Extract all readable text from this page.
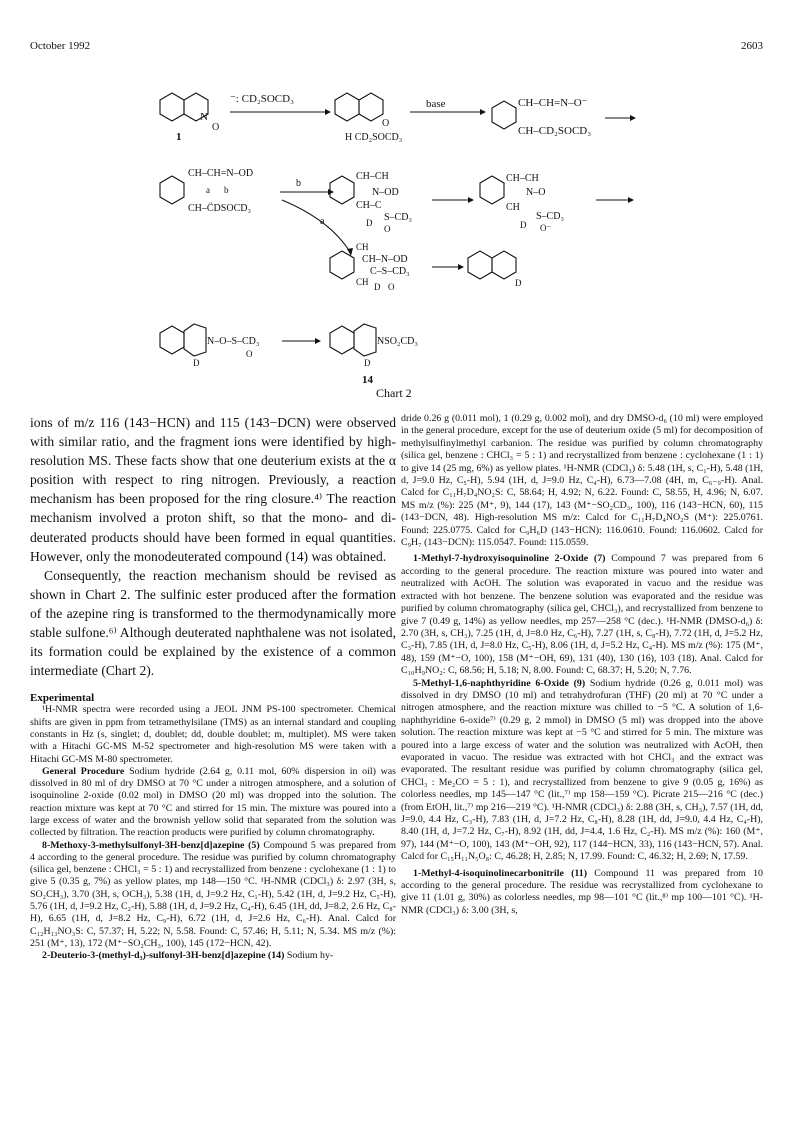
October 1992	2603
N
O
1
⁻: CD₂SOCD₃
O
H CD₂SOCD₃
base	CH–CH=N–O⁻
CH–CD₂SOCD₃
CH–CH=N–OD
CH–C̈DSOCD₃
a b
b
a
CH–CH
N–OD
CH–C
S–CD₃
D
O
CH–CH
N–O
CH
S–CD₃
D O⁻
CH
CH–N–OD
C–S–CD₃
CH D O	D
N–O–S–CD₃
D
O
NSO₂CD₃
D
14
Chart 2

ions of m/z 116 (143−HCN) and 115 (143−DCN) were observed with similar ratio, and the fragment ions were identified by high-resolution MS. These facts show that one deuterium exists at the α position with respect to ring nitrogen. Previously, a reaction mechanism has been proposed for the ring closure.⁴⁾ The reaction mechanism involved a proton shift, so that the mono- and di-deuterated products should have been formed in equal quantities. However, only the monodeuterated compound (14) was obtained.

Consequently, the reaction mechanism should be revised as shown in Chart 2. The sulfinic ester produced after the formation of the azepine ring is transformed to the thermodynamically more stable sulfone.⁶⁾ Although deuterated naphthalene was not isolated, its formation could be explained by the existence of a common intermediate (Chart 2).

Experimental

¹H-NMR spectra were recorded using a JEOL JNM PS-100 spectrometer. Chemical shifts are given in ppm from tetramethylsilane (TMS) as an internal standard and coupling constants in Hz (s, singlet; d, doublet; dd, double doublet; m, multiplet). MS were taken with a Hitachi GC-MS M-52 spectrometer and high-resolution MS were taken with a Hitachi GC-MS M-80 spectrometer.

General Procedure Sodium hydride (2.64 g, 0.11 mol, 60% dispersion in oil) was dissolved in 80 ml of dry DMSO at 70 °C under a nitrogen atmosphere, and a solution of isoquinoline 2-oxide (0.02 mol) in DMSO (20 ml) was dropped into the solution. The reaction mixture was kept at 70 °C and stirred for 15 min. The mixture was poured into a large excess of water and the brownish yellow solid that separated from the solution was collected by filtration. The reaction products were purified by column chromatography.

8-Methoxy-3-methylsulfonyl-3H-benz[d]azepine (5) Compound 5 was prepared from 4 according to the general procedure. The residue was purified by column chromatography (silica gel, benzene : CHCl₃ = 5 : 1) and recrystallized from benzene : cyclohexane (1 : 1) to give 5 (0.35 g, 7%) as yellow plates, mp 148—150 °C. ¹H-NMR (CDCl₃) δ: 2.97 (3H, s, SO₂CH₃), 3.70 (3H, s, OCH₃), 5.38 (1H, d, J=9.2 Hz, C₁-H), 5.42 (1H, d, J=9.2 Hz, C₅-H), 5.76 (1H, d, J=9.2 Hz, C₂-H), 5.88 (1H, d, J=9.2 Hz, C₄-H), 6.45 (1H, dd, J=8.2, 2.6 Hz, C₈-H), 6.65 (1H, d, J=8.2 Hz, C₉-H), 6.72 (1H, d, J=2.6 Hz, C₆-H). Anal. Calcd for C₁₂H₁₃NO₃S: C, 57.37; H, 5.22; N, 5.58. Found: C, 57.46; H, 5.11; N, 5.34. MS m/z (%): 251 (M⁺, 13), 172 (M⁺−SO₂CH₃, 100), 145 (172−HCN, 42).

2-Deuterio-3-(methyl-d₃)-sulfonyl-3H-benz[d]azepine (14) Sodium hy-

dride 0.26 g (0.011 mol), 1 (0.29 g, 0.002 mol), and dry DMSO-d₆ (10 ml) were employed in the general procedure, except for the use of deuterium oxide (5 ml) for decomposition of methylsulfinylmethyl carbanion. The residue was purified by column chromatography (silica gel, benzene : CHCl₃ = 5 : 1) and recrystallized from benzene : cyclohexane (1 : 1) to give 14 (25 mg, 6%) as yellow plates. ¹H-NMR (CDCl₃) δ: 5.48 (1H, s, C₁-H), 5.48 (1H, d, J=9.0 Hz, C₅-H), 5.94 (1H, d, J=9.0 Hz, C₄-H), 6.73—7.08 (4H, m, C₆₋₉-H). Anal. Calcd for C₁₁H₇D₄NO₂S: C, 58.64; H, 4.92; N, 6.22. Found: C, 58.55, H, 4.96; N, 6.07. MS m/z (%): 225 (M⁺, 9), 144 (17), 143 (M⁺−SO₂CD₃, 100), 116 (143−HCN, 60), 115 (143−DCN, 48). High-resolution MS m/z: Calcd for C₁₁H₇D₄NO₂S (M⁺): 225.0761. Found: 225.0775. Calcd for C₉H₆D (143−HCN): 116.0610. Found: 116.0602. Calcd for C₉H₇ (143−DCN): 115.0547. Found: 115.0559.

1-Methyl-7-hydroxyisoquinoline 2-Oxide (7) Compound 7 was prepared from 6 according to the general procedure. The reaction mixture was poured into water and neutralized with AcOH. The solution was evaporated in vacuo and the residue was extracted with hot benzene. The benzene solution was evaporated and the residue was purified by column chromatography (silica gel, CHCl₃), and recrystallized from benzene to give 7 (0.49 g, 14%) as yellow needles, mp 257—258 °C (dec.). ¹H-NMR (DMSO-d₆) δ: 2.70 (3H, s, CH₃), 7.25 (1H, d, J=8.0 Hz, C₆-H), 7.27 (1H, s, C₈-H), 7.72 (1H, d, J=5.2 Hz, C₃-H), 7.85 (1H, d, J=8.0 Hz, C₅-H), 8.06 (1H, d, J=5.2 Hz, C₄-H). MS m/z (%): 175 (M⁺, 48), 159 (M⁺−O, 100), 158 (M⁺−OH, 69), 131 (40), 130 (16), 103 (18). Anal. Calcd for C₁₀H₉NO₂: C, 68.56; H, 5.18; N, 8.00. Found: C, 68.37; H, 5.20; N, 7.76.

5-Methyl-1,6-naphthyridine 6-Oxide (9) Sodium hydride (0.26 g, 0.011 mol) was dissolved in dry DMSO (10 ml) and tetrahydrofuran (THF) (20 ml) at 70 °C under a nitrogen atmosphere, and the reaction mixture was chilled to −5 °C. A solution of 1,6-naphthyridine 6-oxide⁷⁾ (0.29 g, 2 mmol) in DMSO (5 ml) was dropped into the above solution. The reaction mixture was kept at −5 °C and stirred for 5 min. The mixture was poured into a large excess of water and the solution was neutralized with AcOH, then evaporated in vacuo. The residue was extracted with hot CHCl₃ and the extract was evaporated. The resultant residue was purified by column chromatography (silica gel, CHCl₃ : Me₂CO = 5 : 1), and recrystallized from benzene to give 9 (0.05 g, 16%) as colorless needles, mp 145—147 °C (lit.,⁷⁾ mp 158—159 °C). Picrate 215—216 °C (dec.) (from EtOH, lit.,⁷⁾ mp 216—219 °C). ¹H-NMR (CDCl₃) δ: 2.88 (3H, s, CH₃), 7.57 (1H, dd, J=9.0, 4.4 Hz, C₃-H), 7.83 (1H, d, J=7.2 Hz, C₈-H), 8.28 (1H, dd, J=9.0, 4.4 Hz, C₄-H), 8.40 (1H, d, J=7.2 Hz, C₇-H), 8.92 (1H, dd, J=4.4, 1.6 Hz, C₂-H). MS m/z (%): 160 (M⁺, 97), 144 (M⁺−O, 100), 143 (M⁺−OH, 92), 117 (144−HCN, 33), 116 (143−HCN, 57). Anal. Calcd for C₁₅H₁₁N₅O₈: C, 46.28; H, 2.85; N, 17.99. Found: C, 46.32; H, 2.69; N, 17.59.

1-Methyl-4-isoquinolinecarbonitrile (11) Compound 11 was prepared from 10 according to the general procedure. The residue was recrystallized from cyclohexane to give 11 (1.01 g, 30%) as colorless needles, mp 98—101 °C (lit.,⁸⁾ mp 100—101 °C). ¹H-NMR (CDCl₃) δ: 3.00 (3H, s,
